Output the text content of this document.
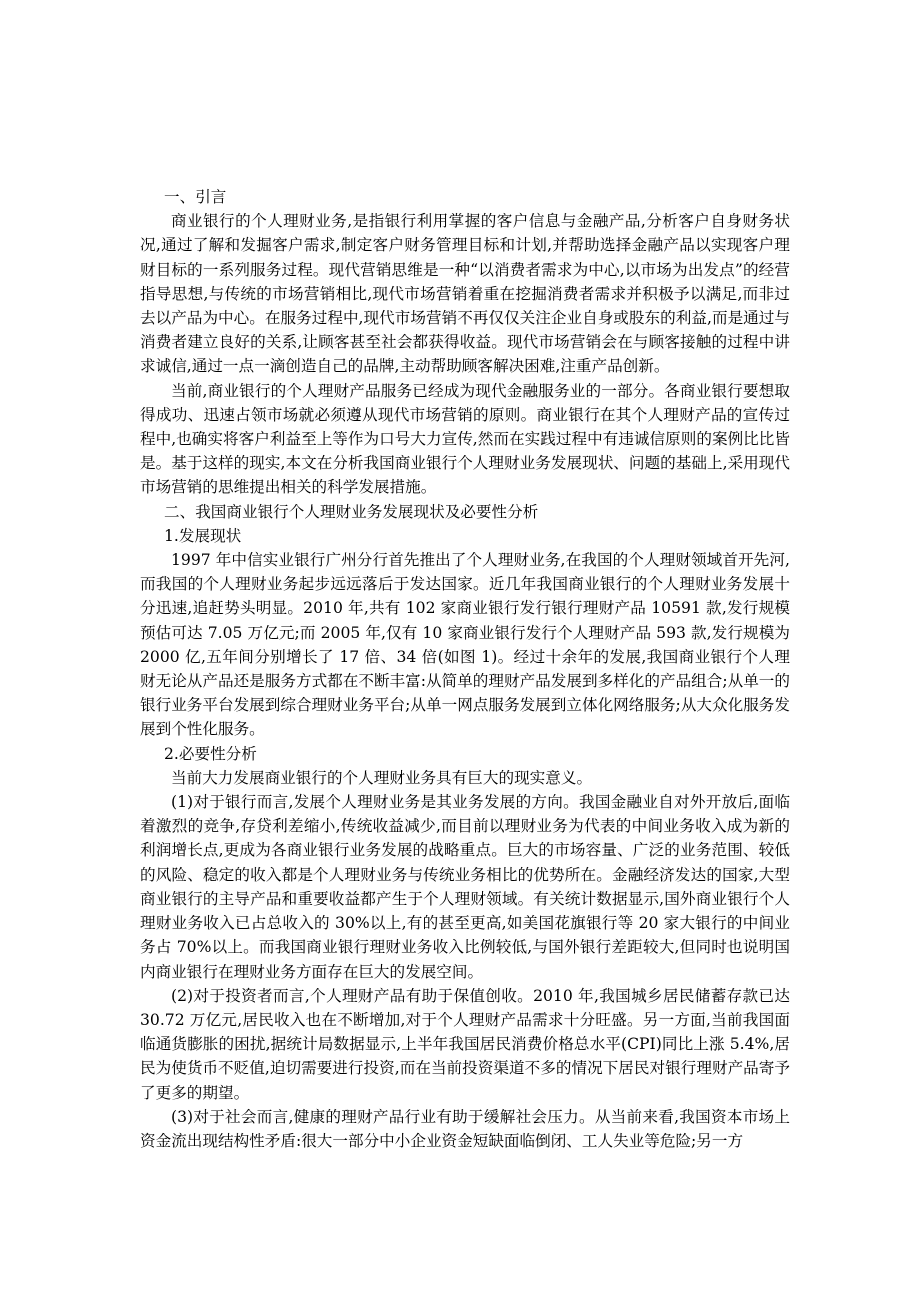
一、引言

商业银行的个人理财业务,是指银行利用掌握的客户信息与金融产品,分析客户自身财务状况,通过了解和发掘客户需求,制定客户财务管理目标和计划,并帮助选择金融产品以实现客户理财目标的一系列服务过程。现代营销思维是一种“以消费者需求为中心,以市场为出发点”的经营指导思想,与传统的市场营销相比,现代市场营销着重在挖掘消费者需求并积极予以满足,而非过去以产品为中心。在服务过程中,现代市场营销不再仅仅关注企业自身或股东的利益,而是通过与消费者建立良好的关系,让顾客甚至社会都获得收益。现代市场营销会在与顾客接触的过程中讲求诚信,通过一点一滴创造自己的品牌,主动帮助顾客解决困难,注重产品创新。

当前,商业银行的个人理财产品服务已经成为现代金融服务业的一部分。各商业银行要想取得成功、迅速占领市场就必须遵从现代市场营销的原则。商业银行在其个人理财产品的宣传过程中,也确实将客户利益至上等作为口号大力宣传,然而在实践过程中有违诚信原则的案例比比皆是。基于这样的现实,本文在分析我国商业银行个人理财业务发展现状、问题的基础上,采用现代市场营销的思维提出相关的科学发展措施。

二、我国商业银行个人理财业务发展现状及必要性分析

1.发展现状

1997 年中信实业银行广州分行首先推出了个人理财业务,在我国的个人理财领域首开先河,而我国的个人理财业务起步远远落后于发达国家。近几年我国商业银行的个人理财业务发展十分迅速,追赶势头明显。2010 年,共有 102 家商业银行发行银行理财产品 10591 款,发行规模预估可达 7.05 万亿元;而 2005 年,仅有 10 家商业银行发行个人理财产品 593 款,发行规模为 2000 亿,五年间分别增长了 17 倍、34 倍(如图 1)。经过十余年的发展,我国商业银行个人理财无论从产品还是服务方式都在不断丰富:从简单的理财产品发展到多样化的产品组合;从单一的银行业务平台发展到综合理财业务平台;从单一网点服务发展到立体化网络服务;从大众化服务发展到个性化服务。

2.必要性分析

当前大力发展商业银行的个人理财业务具有巨大的现实意义。

(1)对于银行而言,发展个人理财业务是其业务发展的方向。我国金融业自对外开放后,面临着激烈的竞争,存贷利差缩小,传统收益减少,而目前以理财业务为代表的中间业务收入成为新的利润增长点,更成为各商业银行业务发展的战略重点。巨大的市场容量、广泛的业务范围、较低的风险、稳定的收入都是个人理财业务与传统业务相比的优势所在。金融经济发达的国家,大型商业银行的主导产品和重要收益都产生于个人理财领域。有关统计数据显示,国外商业银行个人理财业务收入已占总收入的 30%以上,有的甚至更高,如美国花旗银行等 20 家大银行的中间业务占 70%以上。而我国商业银行理财业务收入比例较低,与国外银行差距较大,但同时也说明国内商业银行在理财业务方面存在巨大的发展空间。

(2)对于投资者而言,个人理财产品有助于保值创收。2010 年,我国城乡居民储蓄存款已达 30.72 万亿元,居民收入也在不断增加,对于个人理财产品需求十分旺盛。另一方面,当前我国面临通货膨胀的困扰,据统计局数据显示,上半年我国居民消费价格总水平(CPI)同比上涨 5.4%,居民为使货币不贬值,迫切需要进行投资,而在当前投资渠道不多的情况下居民对银行理财产品寄予了更多的期望。

(3)对于社会而言,健康的理财产品行业有助于缓解社会压力。从当前来看,我国资本市场上资金流出现结构性矛盾:很大一部分中小企业资金短缺面临倒闭、工人失业等危险;另一方
